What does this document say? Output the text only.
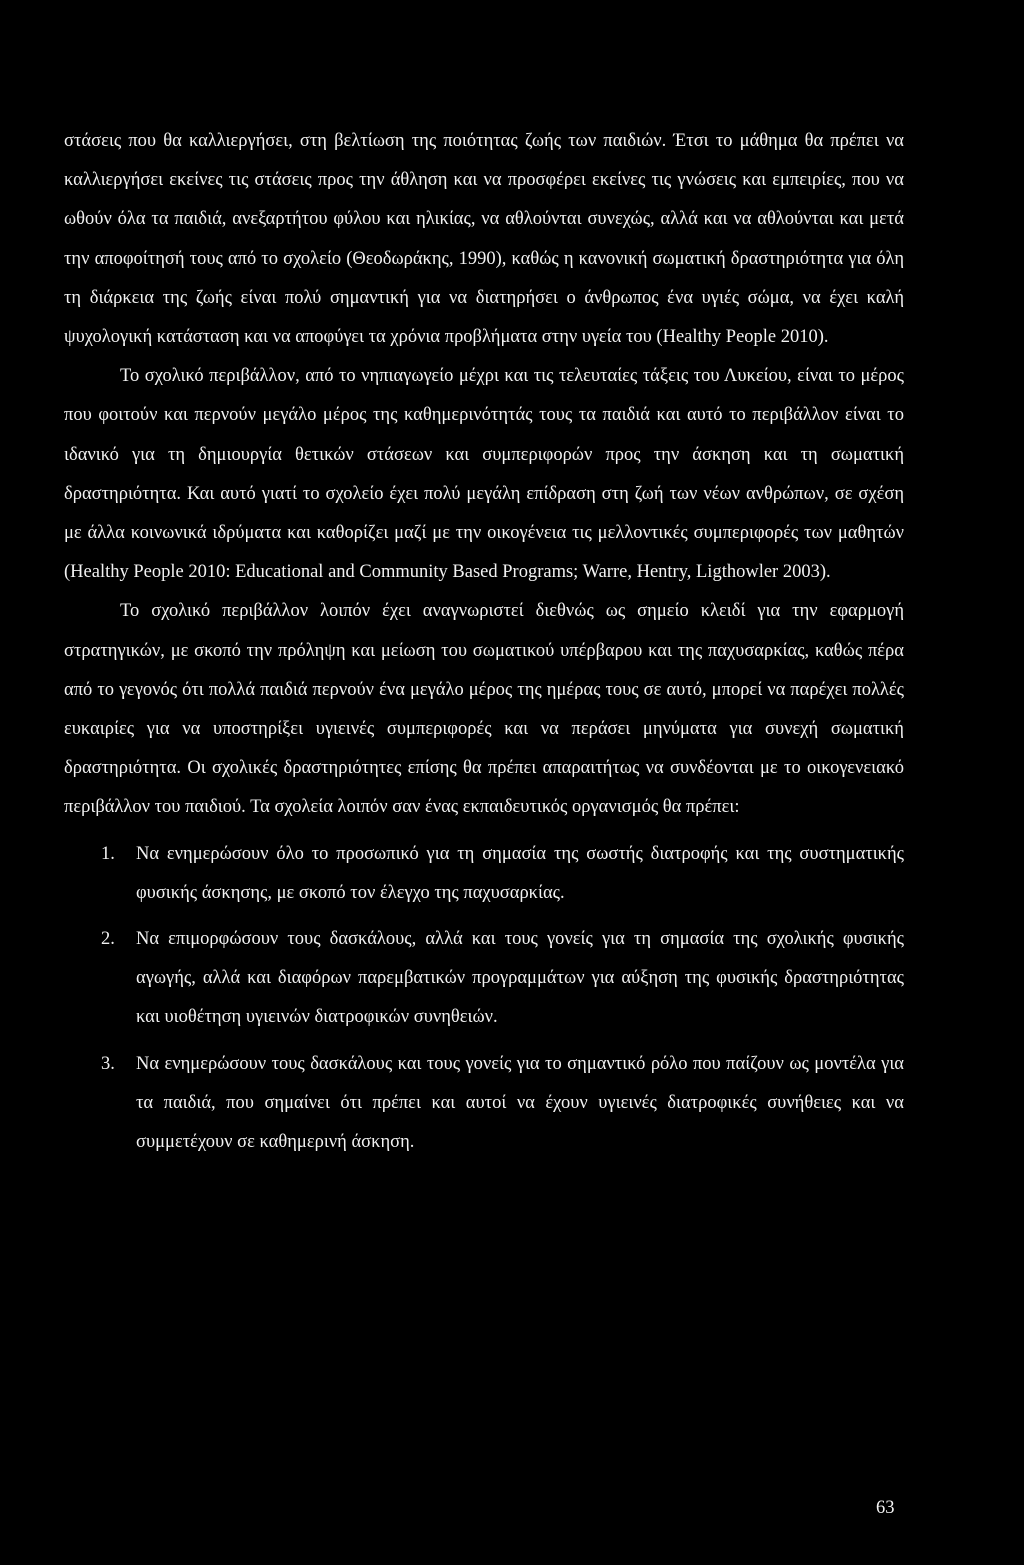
στάσεις που θα καλλιεργήσει, στη βελτίωση της ποιότητας ζωής των παιδιών. Έτσι το μάθημα θα πρέπει να καλλιεργήσει εκείνες τις στάσεις προς την άθληση και να προσφέρει εκείνες τις γνώσεις και εμπειρίες, που να ωθούν όλα τα παιδιά, ανεξαρτήτου φύλου και ηλικίας, να αθλούνται συνεχώς, αλλά και να αθλούνται και μετά την αποφοίτησή τους από το σχολείο (Θεοδωράκης, 1990), καθώς η κανονική σωματική δραστηριότητα για όλη τη διάρκεια της ζωής είναι πολύ σημαντική για να διατηρήσει ο άνθρωπος ένα υγιές σώμα, να έχει καλή ψυχολογική κατάσταση και να αποφύγει τα χρόνια προβλήματα στην υγεία του (Healthy People 2010).

Το σχολικό περιβάλλον, από το νηπιαγωγείο μέχρι και τις τελευταίες τάξεις του Λυκείου, είναι το μέρος που φοιτούν και περνούν μεγάλο μέρος της καθημερινότητάς τους τα παιδιά και αυτό το περιβάλλον είναι το ιδανικό για τη δημιουργία θετικών στάσεων και συμπεριφορών προς την άσκηση και τη σωματική δραστηριότητα. Και αυτό γιατί το σχολείο έχει πολύ μεγάλη επίδραση στη ζωή των νέων ανθρώπων, σε σχέση με άλλα κοινωνικά ιδρύματα και καθορίζει μαζί με την οικογένεια τις μελλοντικές συμπεριφορές των μαθητών (Healthy People 2010: Educational and Community Based Programs; Warre, Hentry, Ligthowler 2003).

Το σχολικό περιβάλλον λοιπόν έχει αναγνωριστεί διεθνώς ως σημείο κλειδί για την εφαρμογή στρατηγικών, με σκοπό την πρόληψη και μείωση του σωματικού υπέρβαρου και της παχυσαρκίας, καθώς πέρα από το γεγονός ότι πολλά παιδιά περνούν ένα μεγάλο μέρος της ημέρας τους σε αυτό, μπορεί να παρέχει πολλές ευκαιρίες για να υποστηρίξει υγιεινές συμπεριφορές και να περάσει μηνύματα για συνεχή σωματική δραστηριότητα. Οι σχολικές δραστηριότητες επίσης θα πρέπει απαραιτήτως να συνδέονται με το οικογενειακό περιβάλλον του παιδιού. Τα σχολεία λοιπόν σαν ένας εκπαιδευτικός οργανισμός θα πρέπει:

1. Να ενημερώσουν όλο το προσωπικό για τη σημασία της σωστής διατροφής και της συστηματικής φυσικής άσκησης, με σκοπό τον έλεγχο της παχυσαρκίας.
2. Να επιμορφώσουν τους δασκάλους, αλλά και τους γονείς για τη σημασία της σχολικής φυσικής αγωγής, αλλά και διαφόρων παρεμβατικών προγραμμάτων για αύξηση της φυσικής δραστηριότητας και υιοθέτηση υγιεινών διατροφικών συνηθειών.
3. Να ενημερώσουν τους δασκάλους και τους γονείς για το σημαντικό ρόλο που παίζουν ως μοντέλα για τα παιδιά, που σημαίνει ότι πρέπει και αυτοί να έχουν υγιεινές διατροφικές συνήθειες και να συμμετέχουν σε καθημερινή άσκηση.
63
